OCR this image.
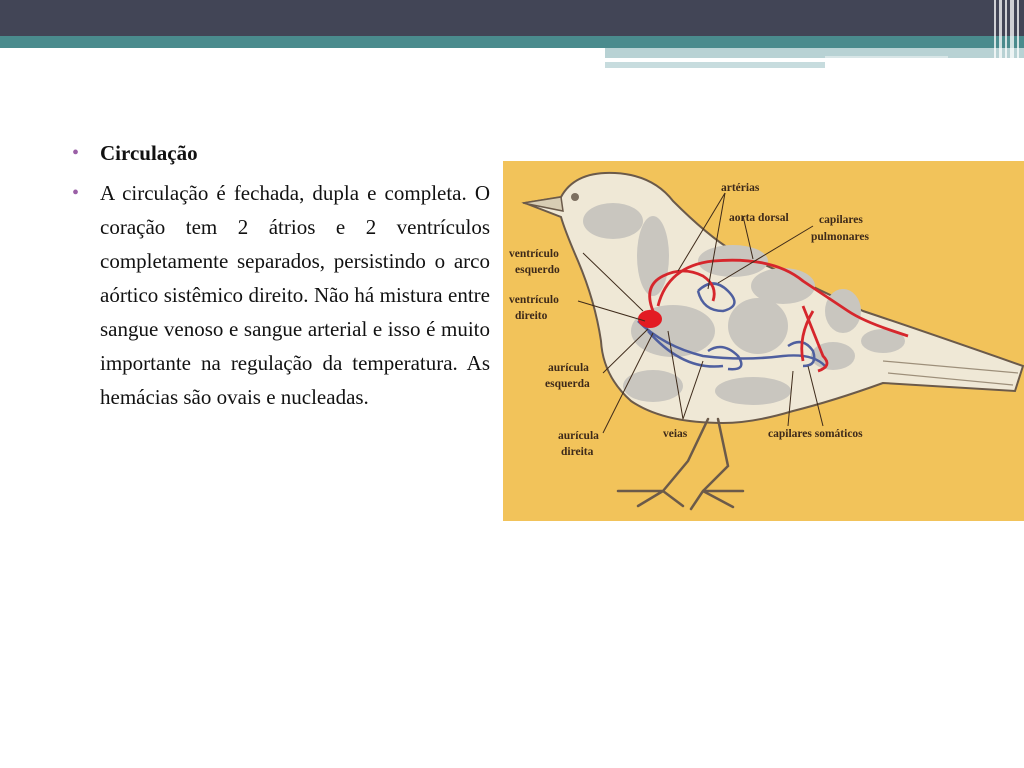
• Circulação

• A circulação é fechada, dupla e completa. O coração tem 2 átrios e 2 ventrículos completamente separados, persistindo o arco aórtico sistêmico direito. Não há mistura entre sangue venoso e sangue arterial e isso é muito importante na regulação da temperatura. As hemácias são ovais e nucleadas.

artérias
aorta dorsal	capilares
pulmonares
ventrículo
esquerdo
ventrículo
direito
aurícula
esquerda
aurícula
direita
veias	capilares somáticos
